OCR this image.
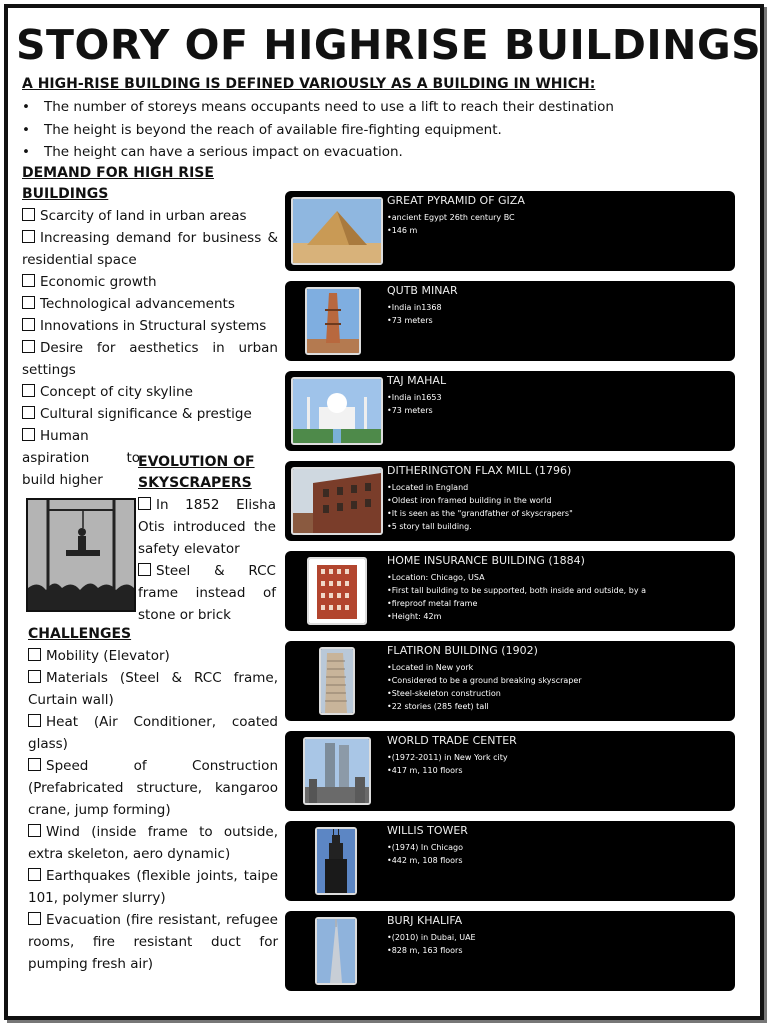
STORY OF HIGHRISE BUILDINGS
A HIGH-RISE BUILDING IS DEFINED VARIOUSLY AS A BUILDING IN WHICH:
• The number of storeys means occupants need to use a lift to reach their destination
• The height is beyond the reach of available fire-fighting equipment.
• The height can have a serious impact on evacuation.
DEMAND FOR HIGH RISE
BUILDINGS
Scarcity of land in urban areas
Increasing demand for business & residential space
Economic growth
Technological advancements
Innovations in Structural systems
Desire for aesthetics in urban settings
Concept of city skyline
Cultural significance & prestige
Human aspiration to build higher
EVOLUTION OF
SKYSCRAPERS
In 1852 Elisha Otis introduced the safety elevator
Steel & RCC frame instead of stone or brick
CHALLENGES
Mobility (Elevator)
Materials (Steel & RCC frame, Curtain wall)
Heat (Air Conditioner, coated glass)
Speed of Construction (Prefabricated structure, kangaroo crane, jump forming)
Wind (inside frame to outside, extra skeleton, aero dynamic)
Earthquakes (flexible joints, taipe 101, polymer slurry)
Evacuation (fire resistant, refugee rooms, fire resistant duct for pumping fresh air)
GREAT PYRAMID OF GIZA
• ancient Egypt 26th century BC
• 146 m
QUTB MINAR
• India in1368
• 73 meters
TAJ MAHAL
• India in1653
• 73 meters
DITHERINGTON FLAX MILL (1796)
• Located in England
• Oldest iron framed building in the world
• It is seen as the "grandfather of skyscrapers"
• 5 story tall building.
HOME INSURANCE BUILDING (1884)
• Location: Chicago, USA
• First tall building to be supported, both inside and outside, by a
• fireproof metal frame
• Height: 42m
FLATIRON BUILDING (1902)
• Located in New york
• Considered to be a ground breaking skyscraper
• Steel-skeleton construction
• 22 stories (285 feet) tall
WORLD TRADE CENTER
• (1972-2011) in New York city
• 417 m, 110 floors
WILLIS TOWER
• (1974) In Chicago
• 442 m, 108 floors
BURJ KHALIFA
• (2010) in Dubai, UAE
• 828 m, 163 floors
